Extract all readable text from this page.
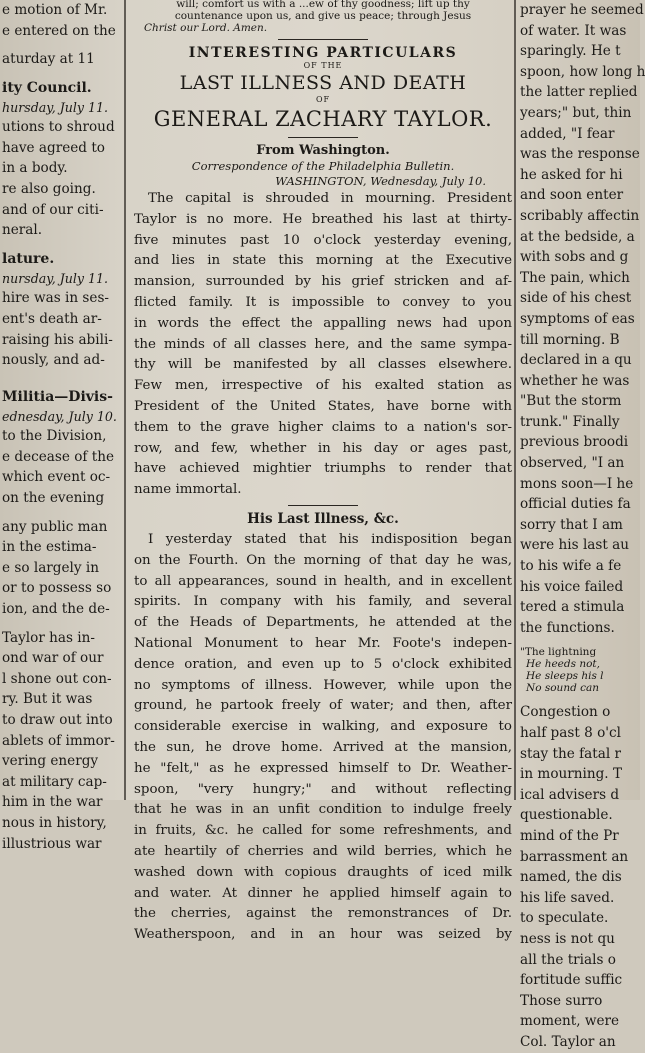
e motion of Mr.

e entered on the

aturday at 11

ity Council.

hursday, July 11.

utions to shroud

have agreed to

in a body.

re also going.

and of our citi-

neral.

lature.

nursday, July 11.

hire was in ses-

ent's death ar-

raising his abili-

nously, and ad-

Militia—Divis-

ednesday, July 10.

to the Division,

e decease of the

which event oc-

on the evening

any public man

in the estima-

e so largely in

or to possess so

ion, and the de-

Taylor has in-

ond war of our

l shone out con-

ry. But it was

to draw out into

ablets of immor-

vering energy

at military cap-

him in the war

nous in history,

illustrious war

will; comfort us with a ...ew of thy goodness; lift up thy

countenance upon us, and give us peace; through Jesus

Christ our Lord. Amen.

INTERESTING PARTICULARS

OF THE

LAST ILLNESS AND DEATH

OF

GENERAL ZACHARY TAYLOR.

From Washington.

Correspondence of the Philadelphia Bulletin.

WASHINGTON, Wednesday, July 10.

The capital is shrouded in mourning. President
Taylor is no more. He breathed his last at thirty-
five minutes past 10 o'clock yesterday evening,
and lies in state this morning at the Executive
mansion, surrounded by his grief stricken and af-
flicted family. It is impossible to convey to you
in words the effect the appalling news had upon
the minds of all classes here, and the same sympa-
thy will be manifested by all classes elsewhere.
Few men, irrespective of his exalted station as
President of the United States, have borne with
them to the grave higher claims to a nation's sor-
row, and few, whether in his day or ages past,
have achieved mightier triumphs to render that
name immortal.

His Last Illness, &c.

I yesterday stated that his indisposition began
on the Fourth. On the morning of that day he was,
to all appearances, sound in health, and in excellent
spirits. In company with his family, and several
of the Heads of Departments, he attended at the
National Monument to hear Mr. Foote's indepen-
dence oration, and even up to 5 o'clock exhibited
no symptoms of illness. However, while upon the
ground, he partook freely of water; and then, after
considerable exercise in walking, and exposure to
the sun, he drove home. Arrived at the mansion,
he "felt," as he expressed himself to Dr. Weather-
spoon, "very hungry;" and without reflecting
that he was in an unfit condition to indulge freely
in fruits, &c. he called for some refreshments, and
ate heartily of cherries and wild berries, which he
washed down with copious draughts of iced milk
and water. At dinner he applied himself again to
the cherries, against the remonstrances of Dr.
Weatherspoon, and in an hour was seized by

prayer he seemed

of water. It was

sparingly. He t

spoon, how long h

the latter replied

years;" but, thin

added, "I fear

was the response

he asked for hi

and soon enter

scribably affectin

at the bedside, a

with sobs and g

The pain, which

side of his chest

symptoms of eas

till morning. B

declared in a qu

whether he was

"But the storm

trunk." Finally

previous broodi

observed, "I an

mons soon—I he

official duties fa

sorry that I am

were his last au

to his wife a fe

his voice failed

tered a stimula

the functions.

"The lightning

He heeds not,

He sleeps his l

No sound can

Congestion o

half past 8 o'cl

stay the fatal r

in mourning. T

ical advisers d

questionable.

mind of the Pr

barrassment an

named, the dis

his life saved.

to speculate.

ness is not qu

all the trials o

fortitude suffic

Those surro

moment, were

Col. Taylor an
